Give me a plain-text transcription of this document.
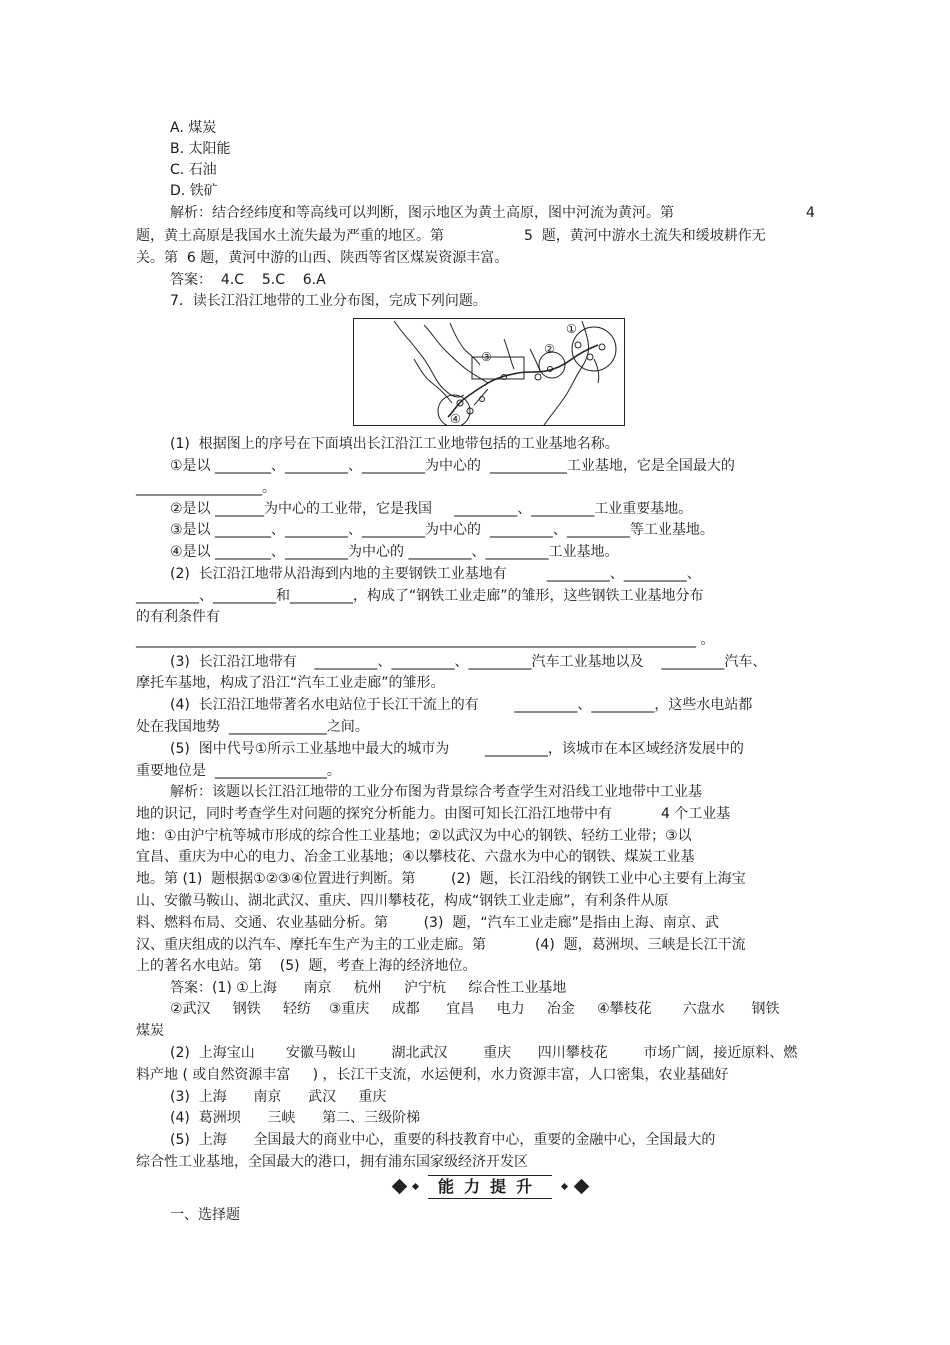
A. 煤炭
B. 太阳能
C. 石油
D. 铁矿
解析：结合经纬度和等高线可以判断，图示地区为黄土高原，图中河流为黄河。第	4
题，黄土高原是我国水土流失最为严重的地区。第	5  题，黄河中游水土流失和缓坡耕作无
关。第  6 题，黄河中游的山西、陕西等省区煤炭资源丰富。
答案：  4.C    5.C    6.A
7．读长江沿江地带的工业分布图，完成下列问题。
①
②
③
④
(1)  根据图上的序号在下面填出长江沿江工业地带包括的工业基地名称。
①是以 ________、_________、_________为中心的  ___________工业基地，它是全国最大的
__________________。
②是以 _______为中心的工业带，它是我国     _________、_________工业重要基地。
③是以 ________、_________、_________为中心的  _________、_________等工业基地。
④是以 ________、_________为中心的 _________、_________工业基地。
(2)  长江沿江地带从沿海到内地的主要钢铁工业基地有         _________、_________、
_________、_________和_________，构成了“钢铁工业走廊”的雏形，这些钢铁工业基地分布
的有利条件有
________________________________________________________________________________ 。
(3)  长江沿江地带有    _________、_________、_________汽车工业基地以及    _________汽车、
摩托车基地，构成了沿江“汽车工业走廊”的雏形。
(4)  长江沿江地带著名水电站位于长江干流上的有        _________、_________，这些水电站都
处在我国地势  ______________之间。
(5)  图中代号①所示工业基地中最大的城市为        _________，该城市在本区域经济发展中的
重要地位是  ________________。
解析：该题以长江沿江地带的工业分布图为背景综合考查学生对沿线工业地带中工业基
地的识记，同时考查学生对问题的探究分析能力。由图可知长江沿江地带中有           4 个工业基
地：①由沪宁杭等城市形成的综合性工业基地；②以武汉为中心的钢铁、轻纺工业带；③以
宜昌、重庆为中心的电力、冶金工业基地；④以攀枝花、六盘水为中心的钢铁、煤炭工业基
地。第 (1)  题根据①②③④位置进行判断。第        (2)  题，长江沿线的钢铁工业中心主要有上海宝
山、安徽马鞍山、湖北武汉、重庆、四川攀枝花，构成“钢铁工业走廊”，有利条件从原
料、燃料布局、交通、农业基础分析。第        (3)  题，“汽车工业走廊”是指由上海、南京、武
汉、重庆组成的以汽车、摩托车生产为主的工业走廊。第           (4)  题，葛洲坝、三峡是长江干流
上的著名水电站。第    (5)  题，考查上海的经济地位。
答案：(1) ①上海      南京     杭州     沪宁杭     综合性工业基地
②武汉     钢铁     轻纺    ③重庆     成都      宜昌     电力     冶金     ④攀枝花       六盘水      钢铁
煤炭
(2)  上海宝山       安徽马鞍山        湖北武汉        重庆      四川攀枝花        市场广阔，接近原料、燃
料产地 ( 或自然资源丰富     ) ，长江干支流，水运便利，水力资源丰富，人口密集，农业基础好
(3)  上海      南京      武汉     重庆
(4)  葛洲坝      三峡      第二、三级阶梯
(5)  上海      全国最大的商业中心，重要的科技教育中心，重要的金融中心，全国最大的
综合性工业基地，全国最大的港口，拥有浦东国家级经济开发区
能力提升
一、选择题
